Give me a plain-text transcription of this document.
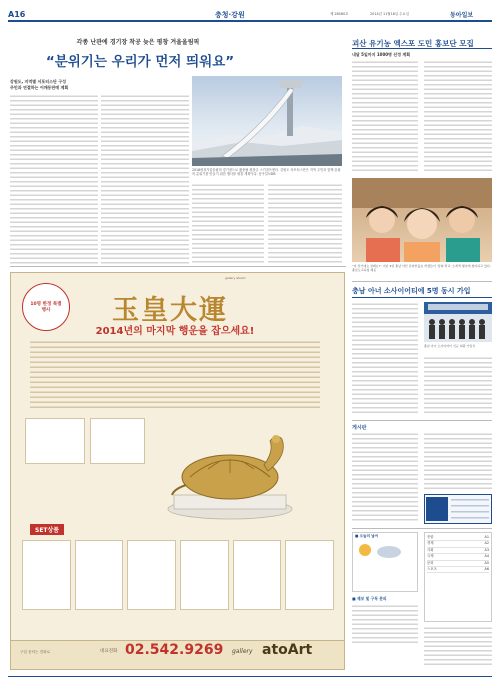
A16	충청·강원	제 28060호	2014년 11월18일 수요일	동아일보
각종 난관에 경기장 착공 늦은 평창 겨울올림픽
“분위기는 우리가 먼저 띄워요”
강원도, 지역별 서포터스단 구성
주민과 연결하는 어깨동판매 계획
2018평창겨울올림픽 경기장으로 활용될 평창군 스키점프센터. 강원도 서포터스단은 지역 주민과 함께 올림픽 분위기를 만들기 위한 행사를 펼칠 계획이다. 동아일보DB
괴산 유기농 엑스포 도민 홍보단 모집
내달 5일까지 1000명 선정 계획
“저 작가예요 실레요?” 지난 4일 충남 아산 온양한올초 학생들이 ‘꿈의 학교’ 소개책 행사에 참여하고 있다. 충남도교육청 제공
gallery atoArt
10명 한정 특별 행사	玉皇大運
2014년의 마지막 행운을 잡으세요!
SET상품
구입 문의는 전화로	대표전화 02.542.9269 gallery atoArt
충남 아너 소사이어티에 5명 동시 가입
충남 아너 소사이어티 신규 회원 가입식
게시판
■ 오늘의 날씨
■ 제보 및 구독 문의
종합	A1
경제	A2
사회	A3
국제	A4
문화	A5
스포츠	A6
